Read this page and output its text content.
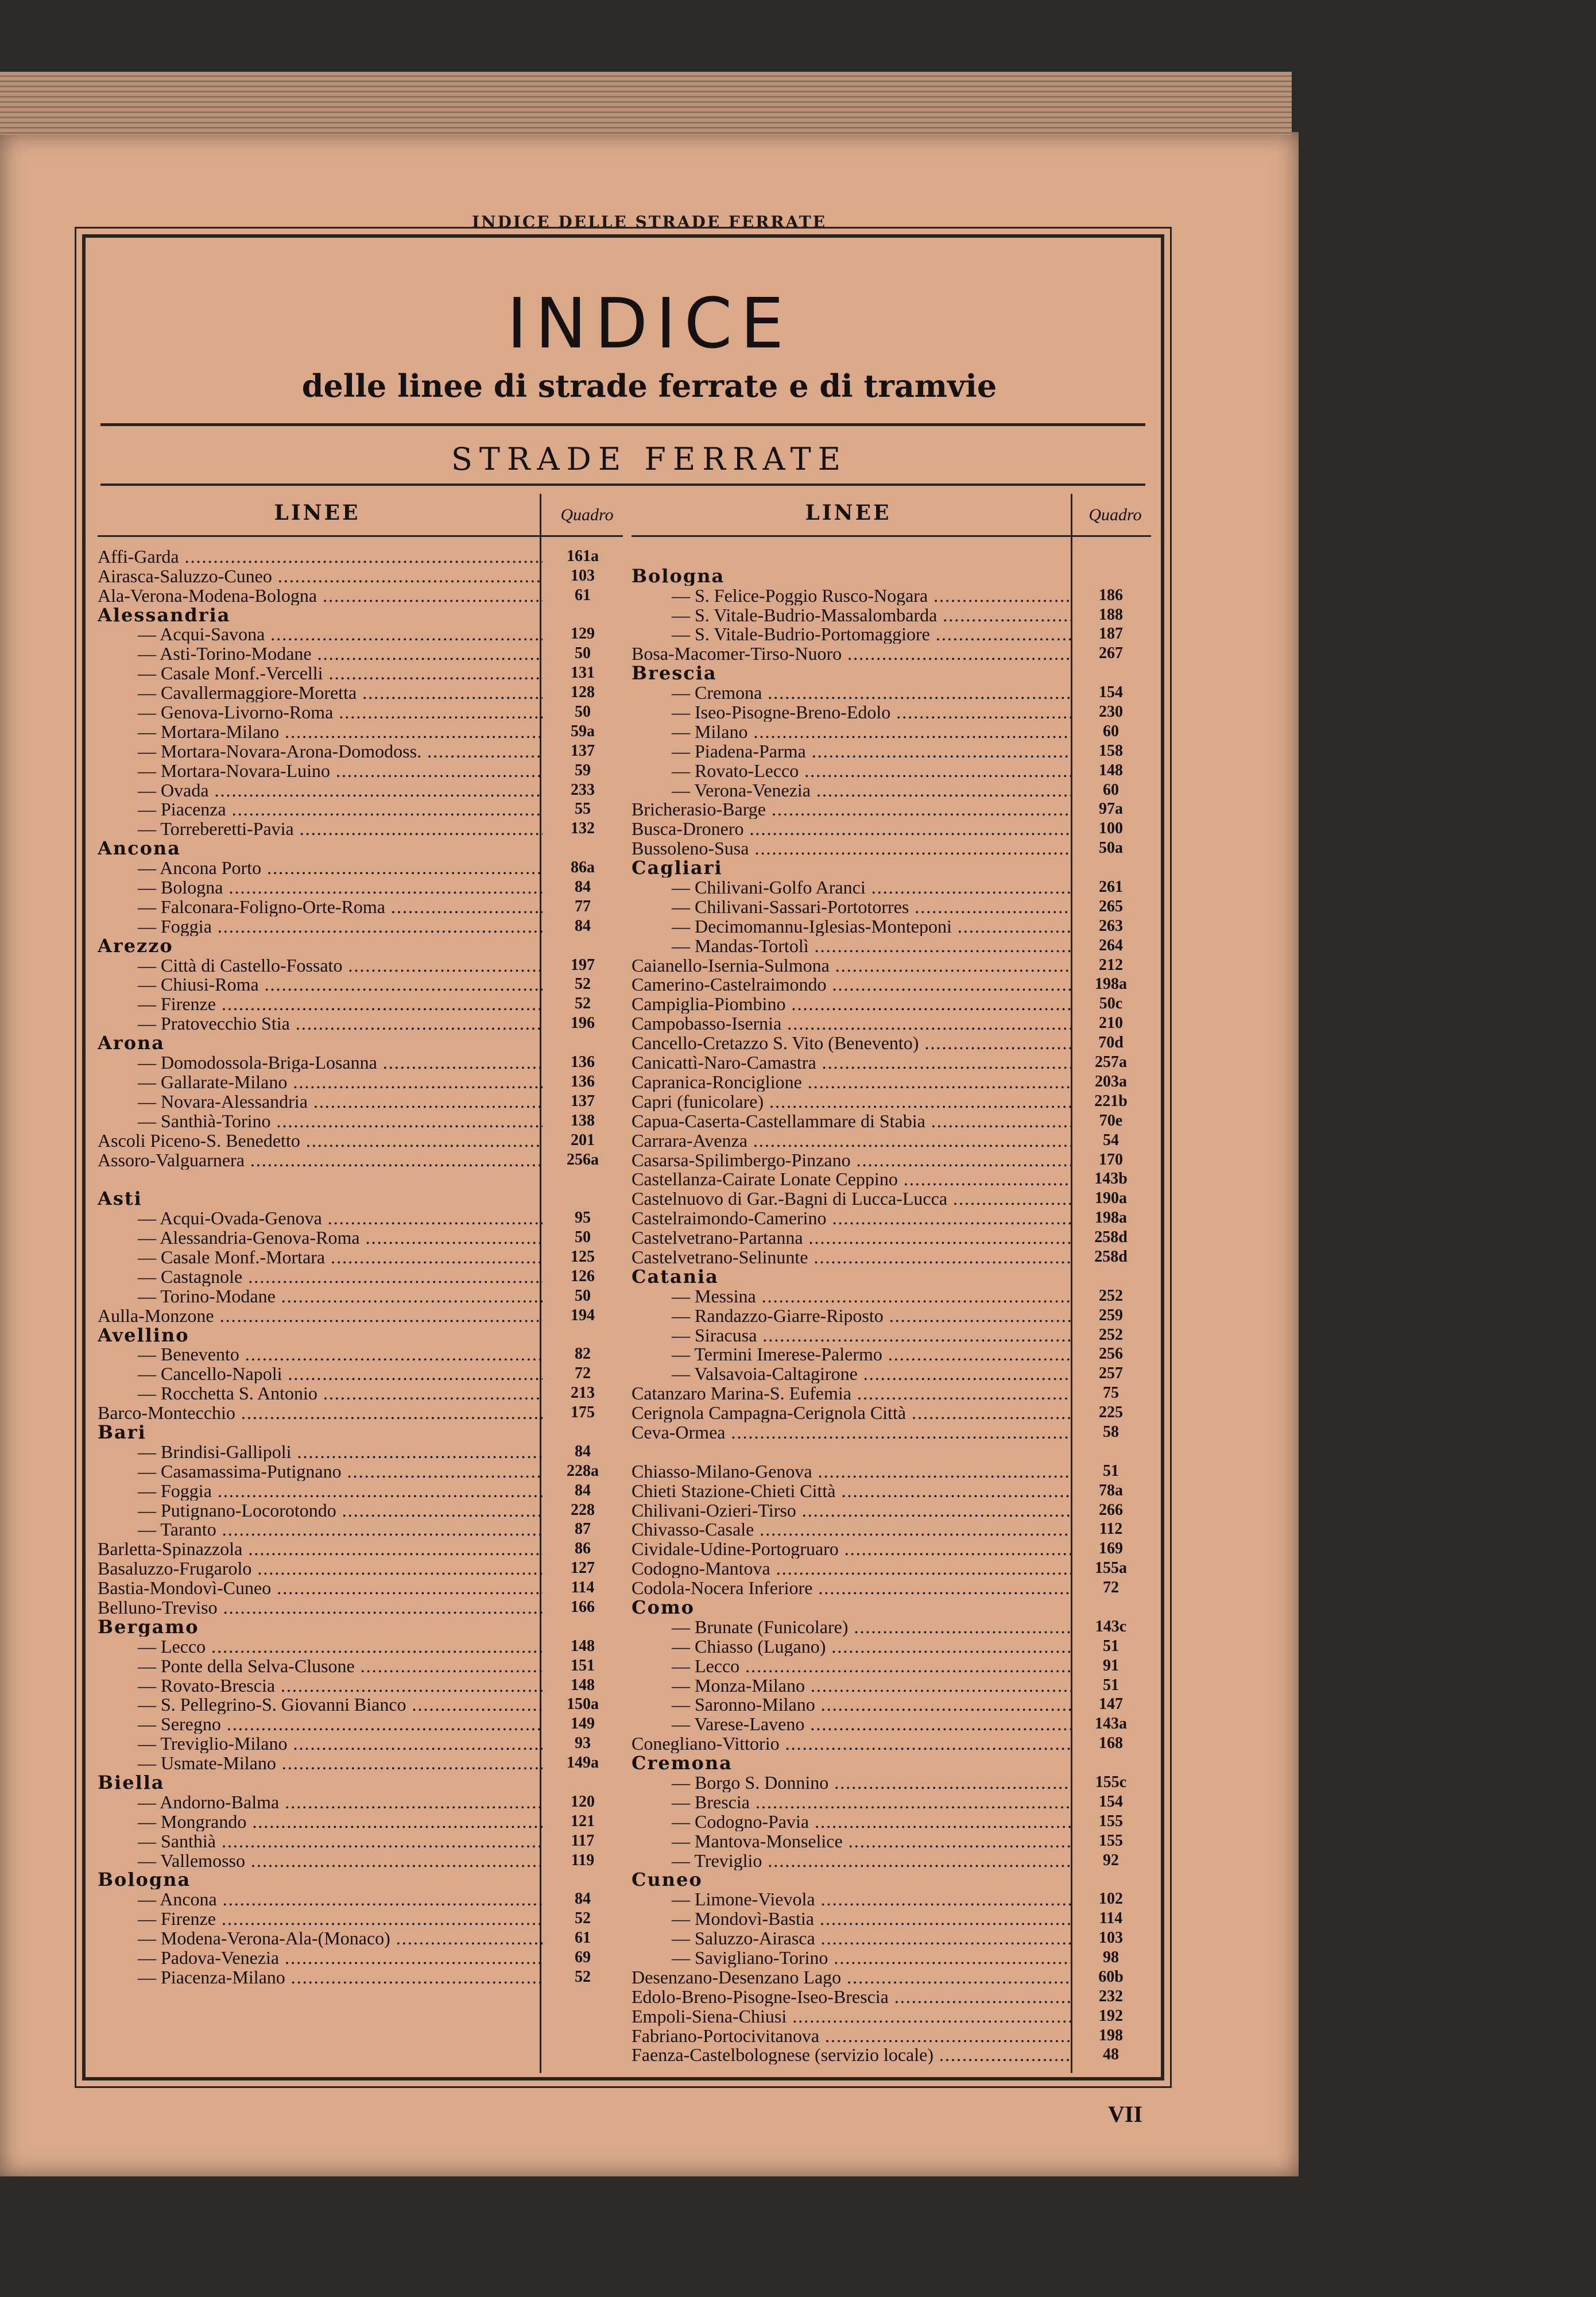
INDICE DELLE STRADE FERRATE
INDICE
delle linee di strade ferrate e di tramvie
STRADE FERRATE
LINEE	Quadro
Affi-Garda .....	161a
Airasca-Saluzzo-Cuneo .....	103
Ala-Verona-Modena-Bologna .....	61
Alessandria
— Acqui-Savona .....	129
— Asti-Torino-Modane .....	50
— Casale Monf.-Vercelli .....	131
— Cavallermaggiore-Moretta .....	128
— Genova-Livorno-Roma .....	50
— Mortara-Milano .....	59a
— Mortara-Novara-Arona-Domodoss. .....	137
— Mortara-Novara-Luino .....	59
— Ovada .....	233
— Piacenza .....	55
— Torreberetti-Pavia .....	132
Ancona
— Ancona Porto .....	86a
— Bologna .....	84
— Falconara-Foligno-Orte-Roma .....	77
— Foggia .....	84
Arezzo
— Città di Castello-Fossato .....	197
— Chiusi-Roma .....	52
— Firenze .....	52
— Pratovecchio Stia .....	196
Arona
— Domodossola-Briga-Losanna .....	136
— Gallarate-Milano .....	136
— Novara-Alessandria .....	137
— Santhià-Torino .....	138
Ascoli Piceno-S. Benedetto .....	201
Assoro-Valguarnera .....	256a
Asti
— Acqui-Ovada-Genova .....	95
— Alessandria-Genova-Roma .....	50
— Casale Monf.-Mortara .....	125
— Castagnole .....	126
— Torino-Modane .....	50
Aulla-Monzone .....	194
Avellino
— Benevento .....	82
— Cancello-Napoli .....	72
— Rocchetta S. Antonio .....	213
Barco-Montecchio .....	175
Bari
— Brindisi-Gallipoli .....	84
— Casamassima-Putignano .....	228a
— Foggia .....	84
— Putignano-Locorotondo .....	228
— Taranto .....	87
Barletta-Spinazzola .....	86
Basaluzzo-Frugarolo .....	127
Bastia-Mondovì-Cuneo .....	114
Belluno-Treviso .....	166
Bergamo
— Lecco .....	148
— Ponte della Selva-Clusone .....	151
— Rovato-Brescia .....	148
— S. Pellegrino-S. Giovanni Bianco .....	150a
— Seregno .....	149
— Treviglio-Milano .....	93
— Usmate-Milano .....	149a
Biella
— Andorno-Balma .....	120
— Mongrando .....	121
— Santhià .....	117
— Vallemosso .....	119
Bologna
— Ancona .....	84
— Firenze .....	52
— Modena-Verona-Ala-(Monaco) .....	61
— Padova-Venezia .....	69
— Piacenza-Milano .....	52
LINEE	Quadro
Bologna
— S. Felice-Poggio Rusco-Nogara .....	186
— S. Vitale-Budrio-Massalombarda .....	188
— S. Vitale-Budrio-Portomaggiore .....	187
Bosa-Macomer-Tirso-Nuoro .....	267
Brescia
— Cremona .....	154
— Iseo-Pisogne-Breno-Edolo .....	230
— Milano .....	60
— Piadena-Parma .....	158
— Rovato-Lecco .....	148
— Verona-Venezia .....	60
Bricherasio-Barge .....	97a
Busca-Dronero .....	100
Bussoleno-Susa .....	50a
Cagliari
— Chilivani-Golfo Aranci .....	261
— Chilivani-Sassari-Portotorres .....	265
— Decimomannu-Iglesias-Monteponi .....	263
— Mandas-Tortolì .....	264
Caianello-Isernia-Sulmona .....	212
Camerino-Castelraimondo .....	198a
Campiglia-Piombino .....	50c
Campobasso-Isernia .....	210
Cancello-Cretazzo S. Vito (Benevento) .....	70d
Canicattì-Naro-Camastra .....	257a
Capranica-Ronciglione .....	203a
Capri (funicolare) .....	221b
Capua-Caserta-Castellammare di Stabia .....	70e
Carrara-Avenza .....	54
Casarsa-Spilimbergo-Pinzano .....	170
Castellanza-Cairate Lonate Ceppino .....	143b
Castelnuovo di Gar.-Bagni di Lucca-Lucca .....	190a
Castelraimondo-Camerino .....	198a
Castelvetrano-Partanna .....	258d
Castelvetrano-Selinunte .....	258d
Catania
— Messina .....	252
— Randazzo-Giarre-Riposto .....	259
— Siracusa .....	252
— Termini Imerese-Palermo .....	256
— Valsavoia-Caltagirone .....	257
Catanzaro Marina-S. Eufemia .....	75
Cerignola Campagna-Cerignola Città .....	225
Ceva-Ormea .....	58
Chiasso-Milano-Genova .....	51
Chieti Stazione-Chieti Città .....	78a
Chilivani-Ozieri-Tirso .....	266
Chivasso-Casale .....	112
Cividale-Udine-Portogruaro .....	169
Codogno-Mantova .....	155a
Codola-Nocera Inferiore .....	72
Como
— Brunate (Funicolare) .....	143c
— Chiasso (Lugano) .....	51
— Lecco .....	91
— Monza-Milano .....	51
— Saronno-Milano .....	147
— Varese-Laveno .....	143a
Conegliano-Vittorio .....	168
Cremona
— Borgo S. Donnino .....	155c
— Brescia .....	154
— Codogno-Pavia .....	155
— Mantova-Monselice .....	155
— Treviglio .....	92
Cuneo
— Limone-Vievola .....	102
— Mondovì-Bastia .....	114
— Saluzzo-Airasca .....	103
— Savigliano-Torino .....	98
Desenzano-Desenzano Lago .....	60b
Edolo-Breno-Pisogne-Iseo-Brescia .....	232
Empoli-Siena-Chiusi .....	192
Fabriano-Portocivitanova .....	198
Faenza-Castelbolognese (servizio locale) .....	48
VII
